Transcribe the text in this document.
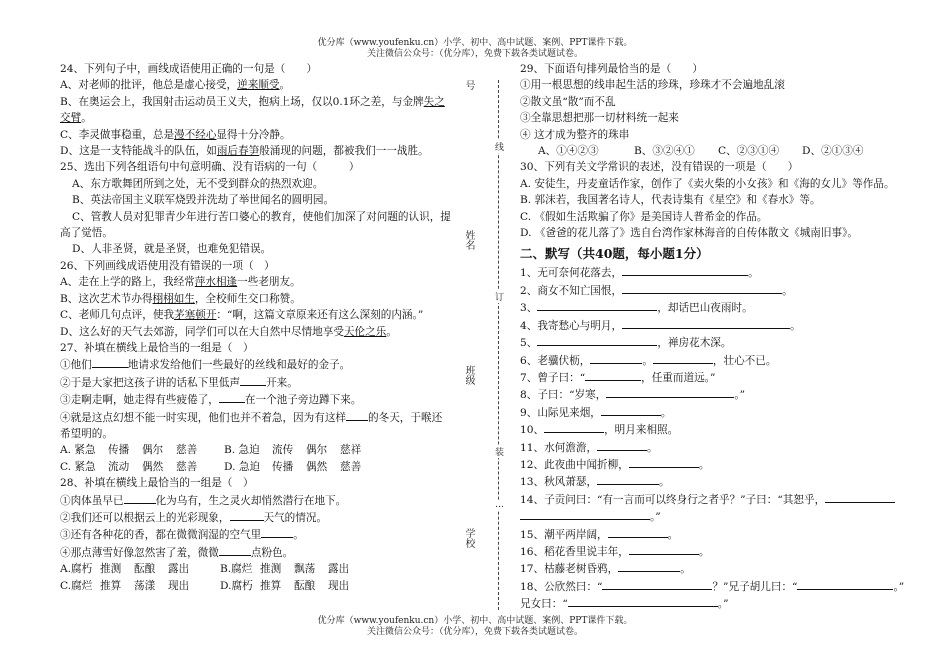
优分库（www.youfenku.cn）小学、初中、高中试题、案例、PPT课件下载。
关注微信公众号：（优分库），免费下载各类试题试卷。
号
线
姓名
订
班级
装
…
学校
24、下列句子中，画线成语使用正确的一句是（　　）
A、对老师的批评，他总是虚心接受，逆来顺受。
B、在奥运会上，我国射击运动员王义夫，抱病上场，仅以0.1环之差，与金牌失之
交臂。
C、李灵做事稳重，总是漫不经心显得十分冷静。
D、这是一支特能战斗的队伍，如雨后春笋般涌现的问题，都被我们一一战胜。
25、选出下列各组语句中句意明确、没有语病的一句（　　　）
A、东方歌舞团所到之处，无不受到群众的热烈欢迎。
B、英法帝国主义联军烧毁并洗劫了举世闻名的圆明园。
C、管教人员对犯罪青少年进行苦口婆心的教育，使他们加深了对问题的认识，提
高了觉悟。
D、人非圣贤，就是圣贤，也难免犯错误。
26、下列画线成语使用没有错误的一项（　）
A、走在上学的路上，我经常萍水相逢一些老朋友。
B、这次艺术节办得栩栩如生，全校师生交口称赞。
C、老师几句点评，使我茅塞顿开：“啊，这篇文章原来还有这么深刻的内涵。”
D、这么好的天气去郊游，同学们可以在大自然中尽情地享受天伦之乐。
27、补填在横线上最恰当的一组是（　）
①他们	地请求发给他们一些最好的丝线和最好的金子。
②于是大家把这孩子讲的话私下里低声 开来。
③走啊走啊，她走得有些疲倦了， 在一个池子旁边蹲下来。
④就是这点幻想不能一时实现，他们也并不着急，因为有这样 的冬天，于喉还
希望明的。
A. 紧急 传播 偶尔 慈善	B. 急迫 流传 偶尔 慈祥
C. 紧急 流动 偶然 慈善	D. 急迫 传播 偶然 慈善
28、补填在横线上最恰当的一组是（　）
①肉体虽早已	化为乌有，生之灵火却悄然潜行在地下。
②我们还可以根据云上的光彩现象，	天气的情况。
③还有各种花的香，都在微微润湿的空气里	。
④那点薄雪好像忽然害了羞，微微	点粉色。
A.腐朽 推测 酝酿 露出	B.腐烂 推测 飘荡 露出
C.腐烂 推算 荡漾 现出	D.腐朽 推算 酝酿 现出
29、下面语句排列最恰当的是（　　）
①用一根思想的线串起生活的珍珠，珍珠才不会遍地乱滚
②散文虽“散”而不乱
③全靠思想把那一切材料统一起来
④ 这才成为整齐的珠串
A、①④②③	B、③②④① C、②③①④ D、②①③④
30、下列有关文学常识的表述，没有错误的一项是（　　）
A. 安徒生，丹麦童话作家，创作了《卖火柴的小女孩》和《海的女儿》等作品。
B. 郭沫若，我国著名诗人，代表诗集有《星空》和《春水》等。
C. 《假如生活欺骗了你》是美国诗人普希金的作品。
D. 《爸爸的花儿落了》选自台湾作家林海音的自传体散文《城南旧事》。
二、默写（共40题，每小题1分）
1、无可奈何花落去，	。
2、商女不知亡国恨，	。
3、	，却话巴山夜雨时。
4、我寄愁心与明月，	。
5、	，禅房花木深。
6、老骥伏枥，	。	，壮心不已。
7、曾子曰：“	，任重而道远。”
8、子曰：“岁寒，	。”
9、山际见来烟，	。
10、	，明月来相照。
11、水何澹澹，	。
12、此夜曲中闻折柳，	。
13、秋风萧瑟，	。
14、子贡问曰：“有一言而可以终身行之者乎？”子曰：“其恕乎，
。”
15、潮平两岸阔，	。
16、稻花香里说丰年，	。
17、枯藤老树昏鸦，	。
18、公欣然曰：“	？”兄子胡儿曰：“	。”
兄女曰：“	。”
优分库（www.youfenku.cn）小学、初中、高中试题、案例、PPT课件下载。
关注微信公众号：（优分库），免费下载各类试题试卷。
